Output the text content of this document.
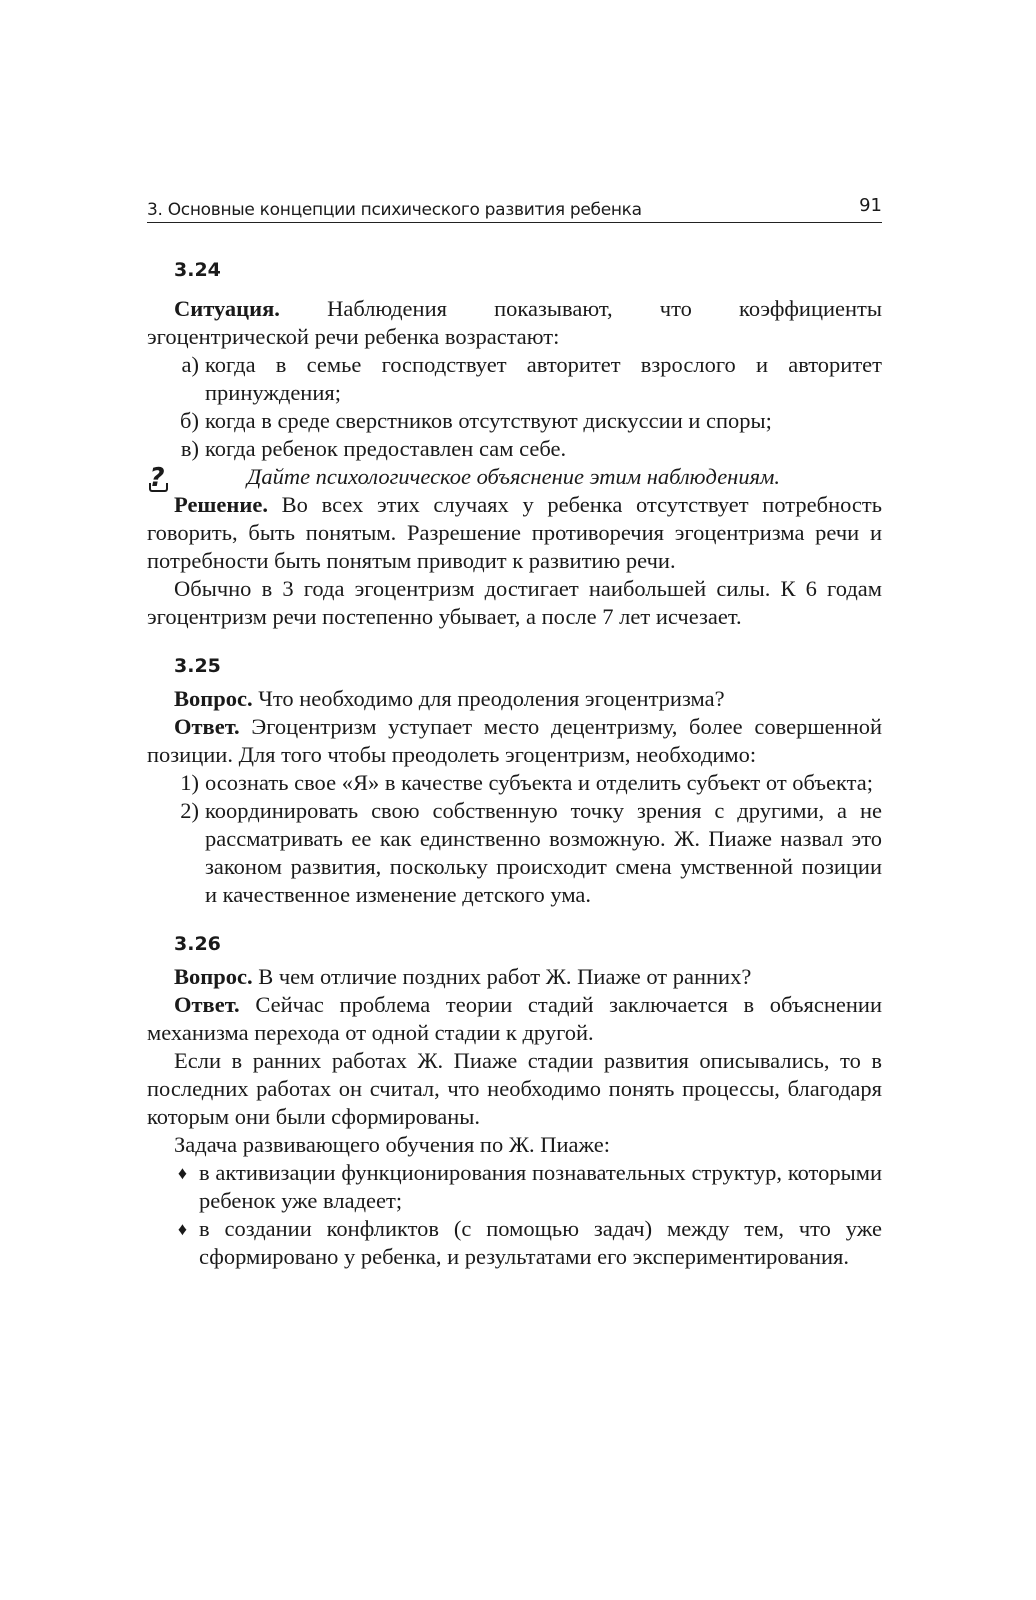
3. Основные концепции психического развития ребенка	91
3.24

Ситуация. Наблюдения показывают, что коэффициенты эгоцентрической речи ребенка возрастают:

а) когда в семье господствует авторитет взрослого и авторитет принуждения;
б) когда в среде сверстников отсутствуют дискуссии и споры;
в) когда ребенок предоставлен сам себе.
?	Дайте психологическое объяснение этим наблюдениям.

Решение. Во всех этих случаях у ребенка отсутствует потребность говорить, быть понятым. Разрешение противоречия эгоцентризма речи и потребности быть понятым приводит к развитию речи.

Обычно в 3 года эгоцентризм достигает наибольшей силы. К 6 годам эгоцентризм речи постепенно убывает, а после 7 лет исчезает.

3.25

Вопрос. Что необходимо для преодоления эгоцентризма?

Ответ. Эгоцентризм уступает место децентризму, более совершенной позиции. Для того чтобы преодолеть эгоцентризм, необходимо:

1) осознать свое «Я» в качестве субъекта и отделить субъект от объекта;
2) координировать свою собственную точку зрения с другими, а не рассматривать ее как единственно возможную. Ж. Пиаже назвал это законом развития, поскольку происходит смена умственной позиции и качественное изменение детского ума.
3.26

Вопрос. В чем отличие поздних работ Ж. Пиаже от ранних?

Ответ. Сейчас проблема теории стадий заключается в объяснении механизма перехода от одной стадии к другой.

Если в ранних работах Ж. Пиаже стадии развития описывались, то в последних работах он считал, что необходимо понять процессы, благодаря которым они были сформированы.

Задача развивающего обучения по Ж. Пиаже:

♦ в активизации функционирования познавательных структур, которыми ребенок уже владеет;
♦ в создании конфликтов (с помощью задач) между тем, что уже сформировано у ребенка, и результатами его экспериментирования.
